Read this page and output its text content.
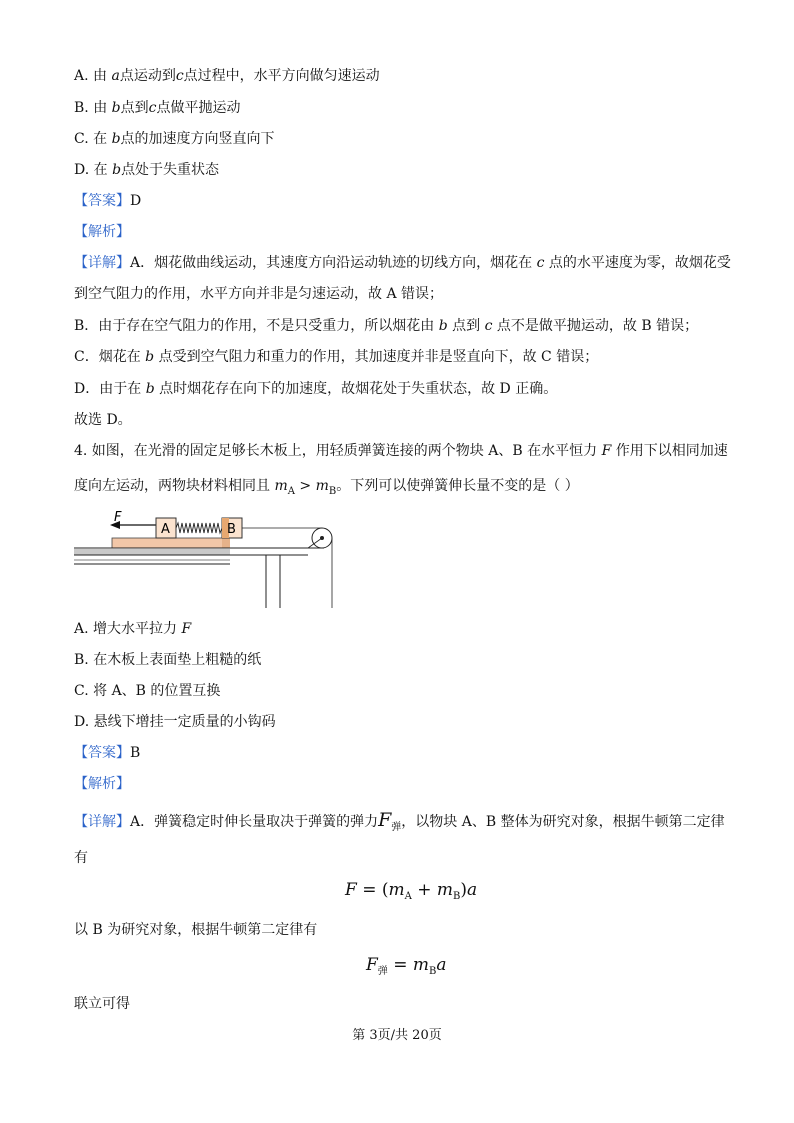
A. 由 a点运动到c点过程中，水平方向做匀速运动
B. 由 b点到c点做平抛运动
C. 在 b点的加速度方向竖直向下
D. 在 b点处于失重状态
【答案】D
【解析】
【详解】A．烟花做曲线运动，其速度方向沿运动轨迹的切线方向，烟花在 c 点的水平速度为零，故烟花受
到空气阻力的作用，水平方向并非是匀速运动，故 A 错误；
B．由于存在空气阻力的作用，不是只受重力，所以烟花由 b 点到 c 点不是做平抛运动，故 B 错误；
C．烟花在 b 点受到空气阻力和重力的作用，其加速度并非是竖直向下，故 C 错误；
D．由于在 b 点时烟花存在向下的加速度，故烟花处于失重状态，故 D 正确。
故选 D。
4. 如图，在光滑的固定足够长木板上，用轻质弹簧连接的两个物块 A、B 在水平恒力 F 作用下以相同加速
度向左运动，两物块材料相同且 $m_A > m_B$。下列可以使弹簧伸长量不变的是（ ）
F
A	B
A. 增大水平拉力 F
B. 在木板上表面垫上粗糙的纸
C. 将 A、B 的位置互换
D. 悬线下增挂一定质量的小钩码
【答案】B
【解析】
【详解】A．弹簧稳定时伸长量取决于弹簧的弹力$F_弹$，以物块 A、B 整体为研究对象，根据牛顿第二定律
有
$F = (m_A + m_B)a$
以 B 为研究对象，根据牛顿第二定律有
$F_弹 = m_Ba$
联立可得
第 3页/共 20页
